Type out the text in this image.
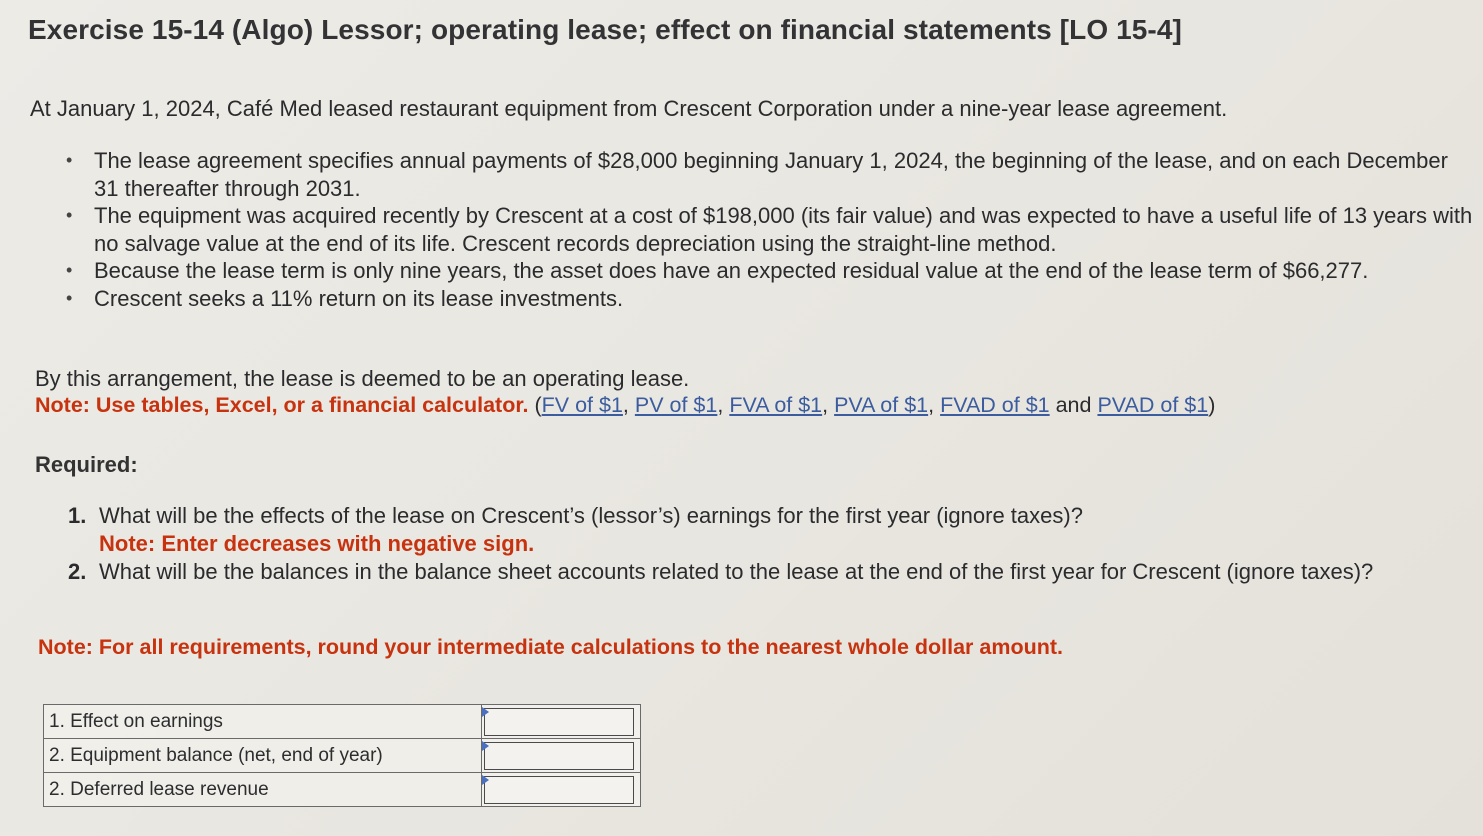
Exercise 15-14 (Algo) Lessor; operating lease; effect on financial statements [LO 15-4]
At January 1, 2024, Café Med leased restaurant equipment from Crescent Corporation under a nine-year lease agreement.
• The lease agreement specifies annual payments of $28,000 beginning January 1, 2024, the beginning of the lease, and on each December 31 thereafter through 2031.
• The equipment was acquired recently by Crescent at a cost of $198,000 (its fair value) and was expected to have a useful life of 13 years with no salvage value at the end of its life. Crescent records depreciation using the straight-line method.
• Because the lease term is only nine years, the asset does have an expected residual value at the end of the lease term of $66,277.
• Crescent seeks a 11% return on its lease investments.
By this arrangement, the lease is deemed to be an operating lease.
Note: Use tables, Excel, or a financial calculator. (FV of $1, PV of $1, FVA of $1, PVA of $1, FVAD of $1 and PVAD of $1)
Required:
1. What will be the effects of the lease on Crescent’s (lessor’s) earnings for the first year (ignore taxes)?
Note: Enter decreases with negative sign.
2. What will be the balances in the balance sheet accounts related to the lease at the end of the first year for Crescent (ignore taxes)?
Note: For all requirements, round your intermediate calculations to the nearest whole dollar amount.
1. Effect on earnings	

2. Equipment balance (net, end of year)	

2. Deferred lease revenue	
